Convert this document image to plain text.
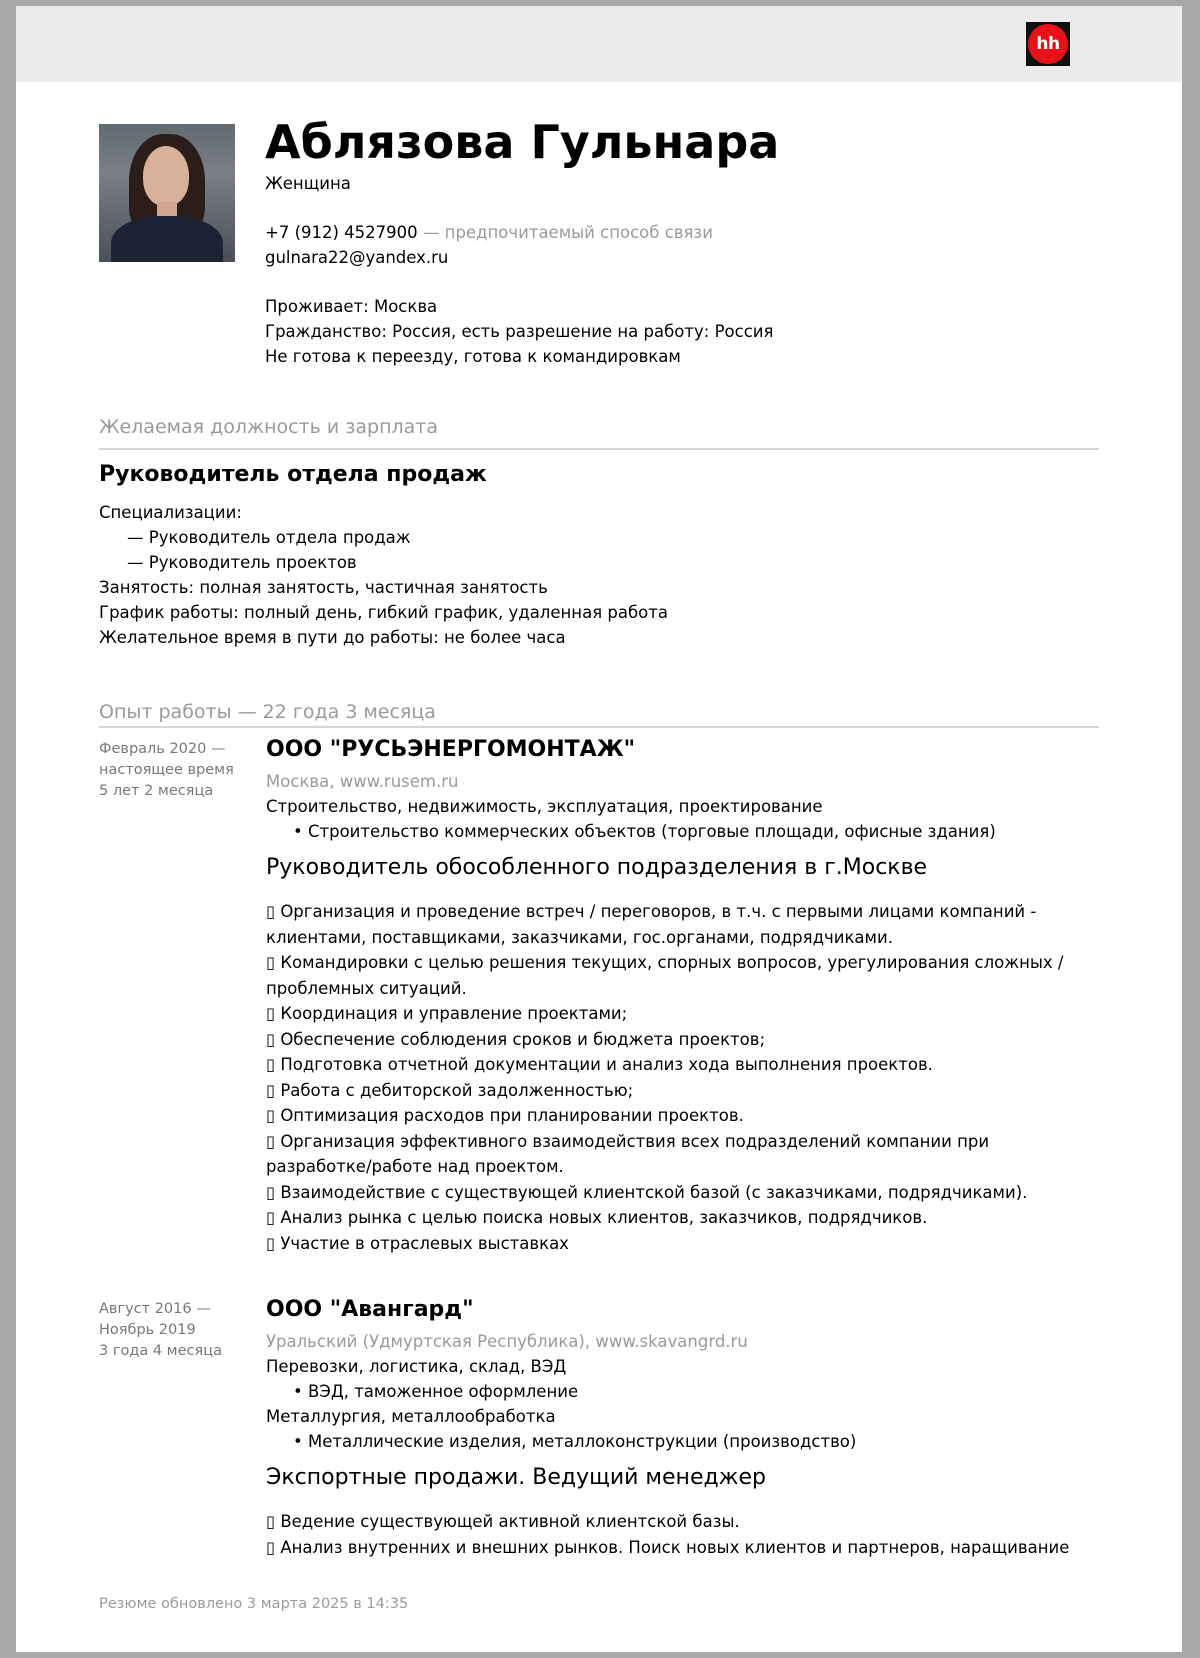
hh
Аблязова Гульнара
Женщина
+7 (912) 4527900 — предпочитаемый способ связи
gulnara22@yandex.ru
Проживает: Москва
Гражданство: Россия, есть разрешение на работу: Россия
Не готова к переезду, готова к командировкам
Желаемая должность и зарплата
Руководитель отдела продаж
Специализации:
— Руководитель отдела продаж
— Руководитель проектов
Занятость: полная занятость, частичная занятость
График работы: полный день, гибкий график, удаленная работа
Желательное время в пути до работы: не более часа
Опыт работы — 22 года 3 месяца
Февраль 2020 —
настоящее время
5 лет 2 месяца
ООО "РУСЬЭНЕРГОМОНТАЖ"
Москва, www.rusem.ru
Строительство, недвижимость, эксплуатация, проектирование
• Строительство коммерческих объектов (торговые площади, офисные здания)
Руководитель обособленного подразделения в г.Москве
▯ Организация и проведение встреч / переговоров, в т.ч. с первыми лицами компаний -
клиентами, поставщиками, заказчиками, гос.органами, подрядчиками.
▯ Командировки с целью решения текущих, спорных вопросов, урегулирования сложных /
проблемных ситуаций.
▯ Координация и управление проектами;
▯ Обеспечение соблюдения сроков и бюджета проектов;
▯ Подготовка отчетной документации и анализ хода выполнения проектов.
▯ Работа с дебиторской задолженностью;
▯ Оптимизация расходов при планировании проектов.
▯ Организация эффективного взаимодействия всех подразделений компании при
разработке/работе над проектом.
▯ Взаимодействие с существующей клиентской базой (с заказчиками, подрядчиками).
▯ Анализ рынка с целью поиска новых клиентов, заказчиков, подрядчиков.
▯ Участие в отраслевых выставках
Август 2016 —
Ноябрь 2019
3 года 4 месяца
ООО "Авангард"
Уральский (Удмуртская Республика), www.skavangrd.ru
Перевозки, логистика, склад, ВЭД
• ВЭД, таможенное оформление
Металлургия, металлообработка
• Металлические изделия, металлоконструкции (производство)
Экспортные продажи. Ведущий менеджер
▯ Ведение существующей активной клиентской базы.
▯ Анализ внутренних и внешних рынков. Поиск новых клиентов и партнеров, наращивание
Резюме обновлено 3 марта 2025 в 14:35
